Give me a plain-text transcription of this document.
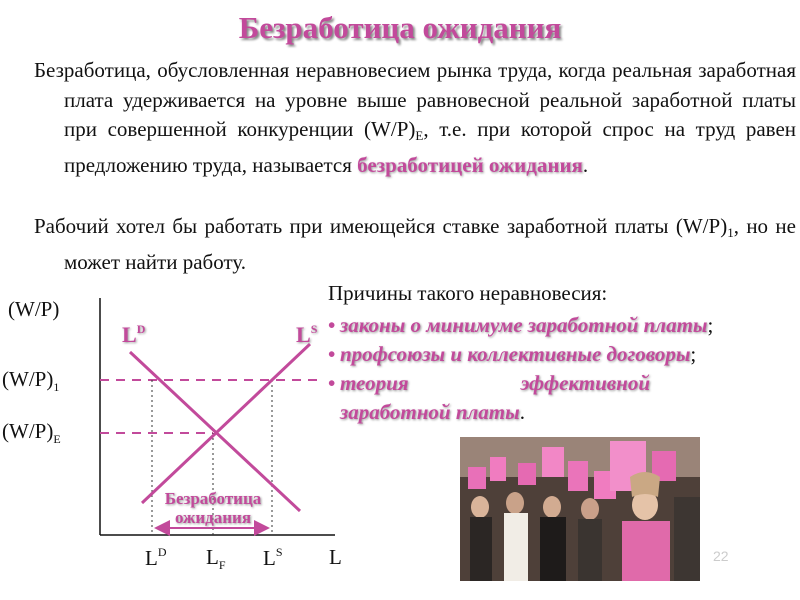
Безработица ожидания
Безработица, обусловленная неравновесием рынка труда, когда реальная заработная плата удерживается на уровне выше равновесной реальной заработной платы при совершенной конкуренции $(W/P)_E$, т.е. при которой спрос на труд равен предложению труда, называется безработицей ожидания.
Рабочий хотел бы работать при имеющейся ставке заработной платы $(W/P)_1$, но не может найти работу.
Причины такого неравновесия:
• законы о минимуме заработной платы;
• профсоюзы и коллективные договоры;
• теория эффективной заработной платы.
(W/P)
$(W/P)_1$
$(W/P)_E$
$L^D$	$L^S$
Безработица
ожидания
$L^D$ $L_F$ $L^S$ L	22
